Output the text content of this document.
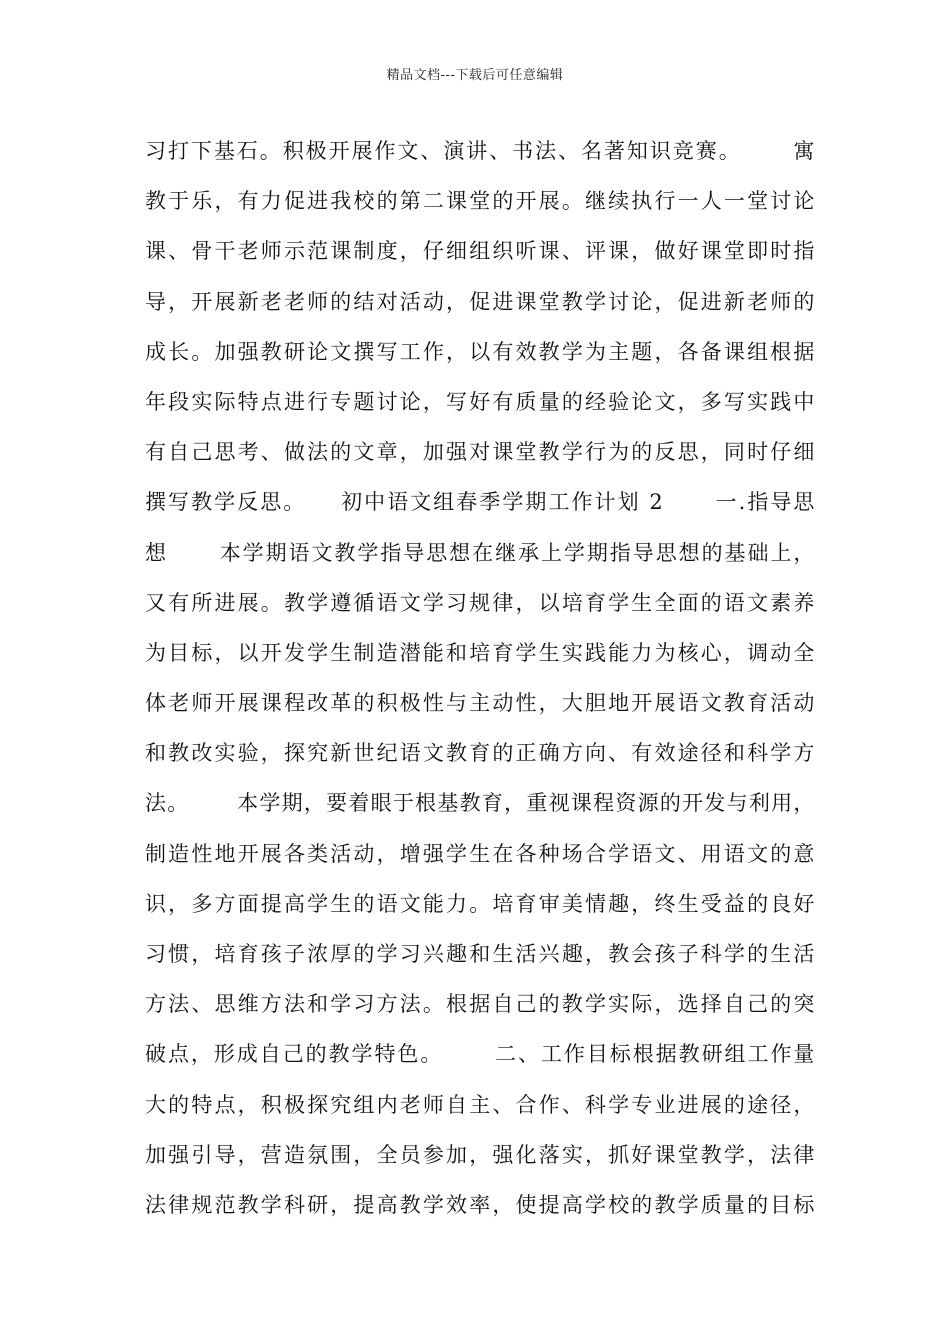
精品文档---下载后可任意编辑
习打下基石。积极开展作文、演讲、书法、名著知识竞赛。      寓
教于乐，有力促进我校的第二课堂的开展。继续执行一人一堂讨论
课、骨干老师示范课制度，仔细组织听课、评课，做好课堂即时指
导，开展新老老师的结对活动，促进课堂教学讨论，促进新老师的
成长。加强教研论文撰写工作，以有效教学为主题，各备课组根据
年段实际特点进行专题讨论，写好有质量的经验论文，多写实践中
有自己思考、做法的文章，加强对课堂教学行为的反思，同时仔细
撰写教学反思。    初中语文组春季学期工作计划 2      一.指导思
想      本学期语文教学指导思想在继承上学期指导思想的基础上，
又有所进展。教学遵循语文学习规律，以培育学生全面的语文素养
为目标，以开发学生制造潜能和培育学生实践能力为核心，调动全
体老师开展课程改革的积极性与主动性，大胆地开展语文教育活动
和教改实验，探究新世纪语文教育的正确方向、有效途径和科学方
法。      本学期，要着眼于根基教育，重视课程资源的开发与利用，
制造性地开展各类活动，增强学生在各种场合学语文、用语文的意
识，多方面提高学生的语文能力。培育审美情趣，终生受益的良好
习惯，培育孩子浓厚的学习兴趣和生活兴趣，教会孩子科学的生活
方法、思维方法和学习方法。根据自己的教学实际，选择自己的突
破点，形成自己的教学特色。      二、工作目标根据教研组工作量
大的特点，积极探究组内老师自主、合作、科学专业进展的途径，
加强引导，营造氛围，全员参加，强化落实，抓好课堂教学，法律
法律规范教学科研，提高教学效率，使提高学校的教学质量的目标
